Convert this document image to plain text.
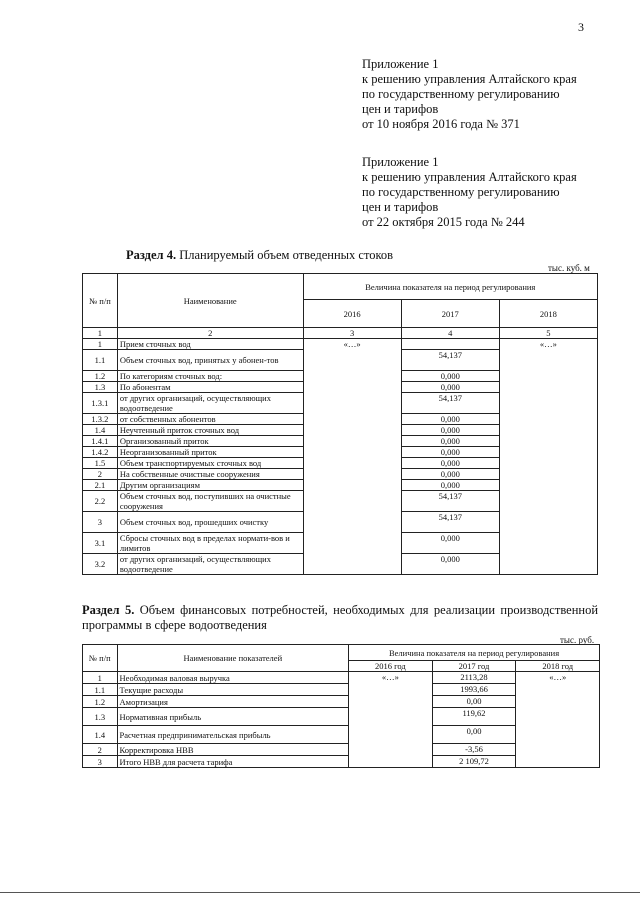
3
Приложение 1
к решению управления Алтайского края
по государственному регулированию
цен и тарифов
от 10 ноября 2016 года № 371
Приложение 1
к решению управления Алтайского края
по государственному регулированию
цен и тарифов
от 22 октября 2015 года № 244
Раздел 4. Планируемый объем отведенных стоков
тыс. куб. м
№ п/п	Наименование	Величина показателя на период регулирования		
		2016	2017	2018
1	2	3	4	5
1	Прием сточных вод	«…»		«…»
1.1	Объем сточных вод, принятых у абонен-тов		54,137	
1.2	По категориям сточных вод:		0,000	
1.3	По абонентам		0,000	
1.3.1	от других организаций, осуществляющих водоотведение		54,137	
1.3.2	от собственных абонентов		0,000	
1.4	Неучтенный приток сточных вод		0,000	
1.4.1	Организованный приток		0,000	
1.4.2	Неорганизованный приток		0,000	
1.5	Объем транспортируемых сточных вод		0,000	
2	На собственные очистные сооружения		0,000	
2.1	Другим организациям		0,000	
2.2	Объем сточных вод, поступивших на очистные сооружения		54,137	
3	Объем сточных вод, прошедших очистку		54,137	
3.1	Сбросы сточных вод в пределах нормати-вов и лимитов		0,000	
3.2	от других организаций, осуществляющих водоотведение		0,000	
Раздел 5. Объем финансовых потребностей, необходимых для реализации производственной программы в сфере водоотведения
тыс. руб.
№ п/п	Наименование показателей	Величина показателя на период регулирования		
		2016 год	2017 год	2018 год
1	Необходимая валовая выручка	«…»	2113,28	«…»
1.1	Текущие расходы		1993,66	
1.2	Амортизация		0,00	
1.3	Нормативная прибыль		119,62	
1.4	Расчетная предпринимательская прибыль		0,00	
2	Корректировка НВВ		-3,56	
3	Итого НВВ для расчета тарифа		2 109,72	
